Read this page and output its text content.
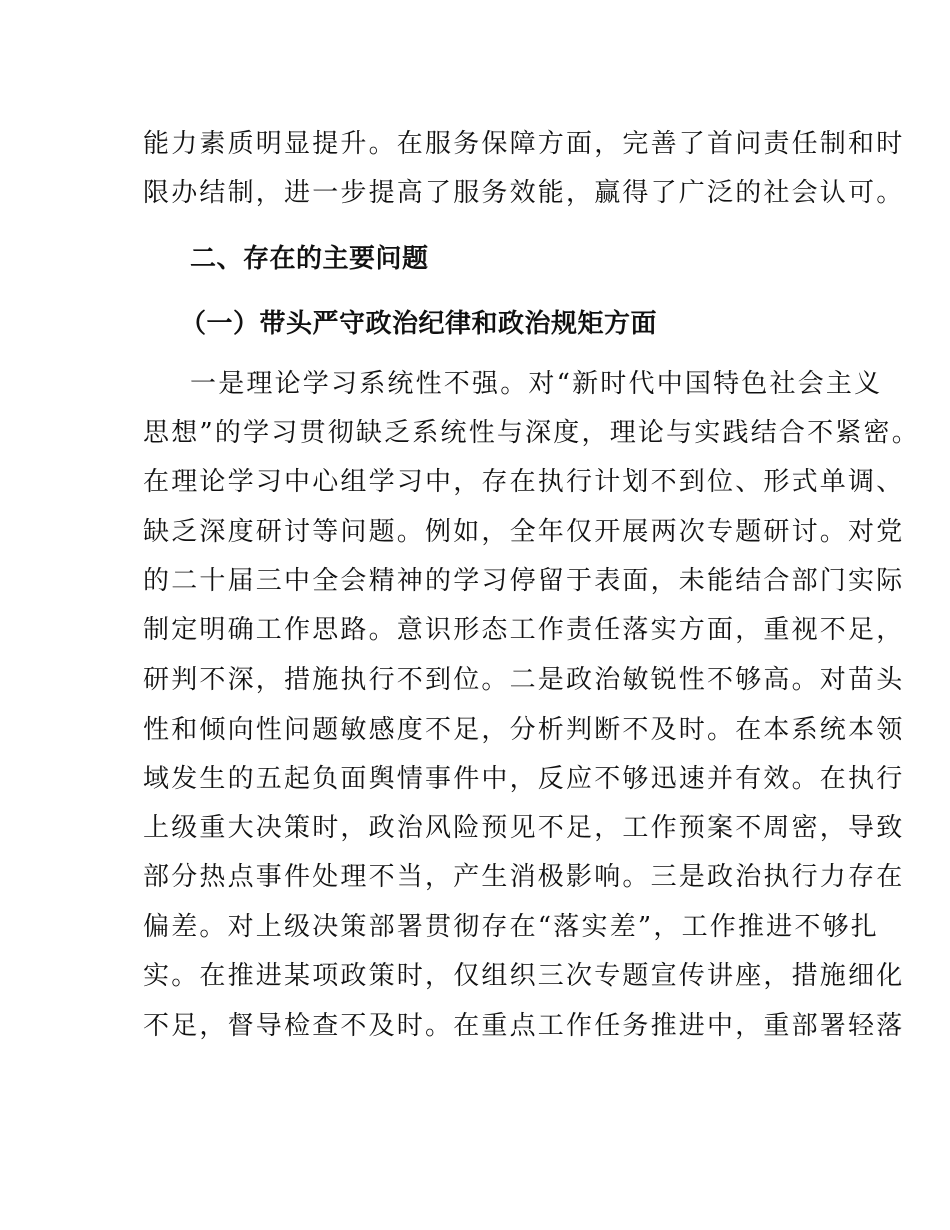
能力素质明显提升。在服务保障方面，完善了首问责任制和时
限办结制，进一步提高了服务效能，赢得了广泛的社会认可。
二、存在的主要问题
（一）带头严守政治纪律和政治规矩方面
一是理论学习系统性不强。对“新时代中国特色社会主义
思想”的学习贯彻缺乏系统性与深度，理论与实践结合不紧密。
在理论学习中心组学习中，存在执行计划不到位、形式单调、
缺乏深度研讨等问题。例如，全年仅开展两次专题研讨。对党
的二十届三中全会精神的学习停留于表面，未能结合部门实际
制定明确工作思路。意识形态工作责任落实方面，重视不足，
研判不深，措施执行不到位。二是政治敏锐性不够高。对苗头
性和倾向性问题敏感度不足，分析判断不及时。在本系统本领
域发生的五起负面舆情事件中，反应不够迅速并有效。在执行
上级重大决策时，政治风险预见不足，工作预案不周密，导致
部分热点事件处理不当，产生消极影响。三是政治执行力存在
偏差。对上级决策部署贯彻存在“落实差”，工作推进不够扎
实。在推进某项政策时，仅组织三次专题宣传讲座，措施细化
不足，督导检查不及时。在重点工作任务推进中，重部署轻落
